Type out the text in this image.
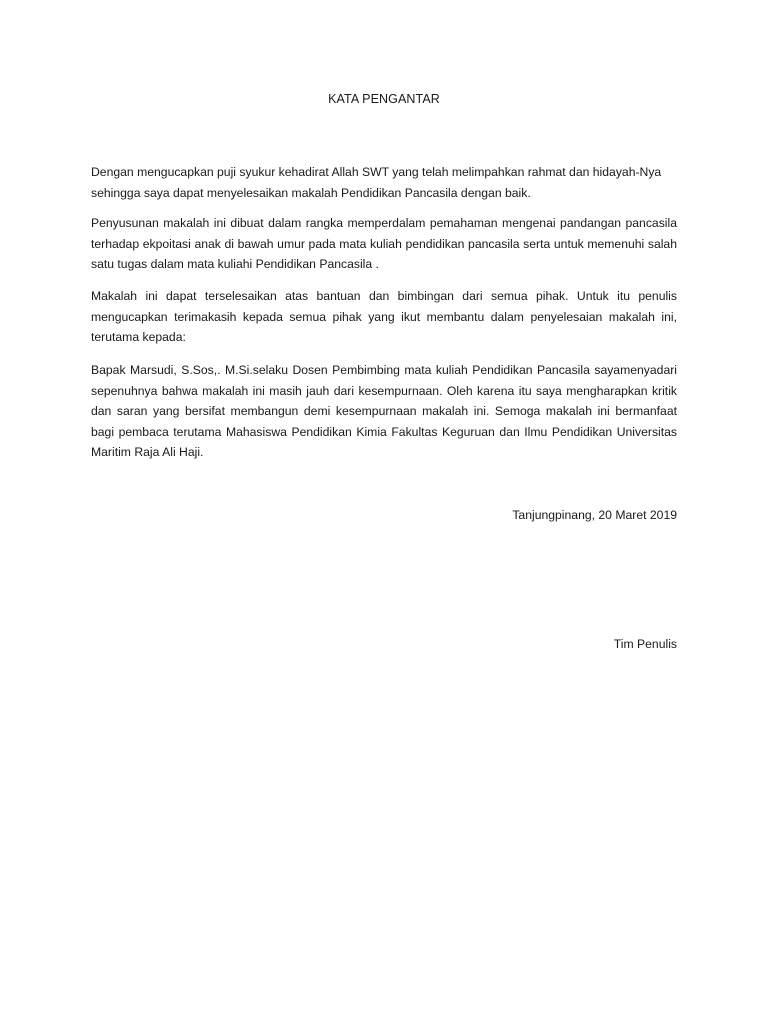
KATA PENGANTAR
Dengan mengucapkan puji syukur kehadirat Allah SWT yang telah melimpahkan rahmat dan hidayah-Nya sehingga saya dapat menyelesaikan makalah Pendidikan Pancasila dengan baik.
Penyusunan makalah ini dibuat dalam rangka memperdalam pemahaman mengenai pandangan pancasila terhadap ekpoitasi anak di bawah umur pada mata kuliah pendidikan pancasila serta untuk memenuhi salah satu tugas dalam mata kuliahi Pendidikan Pancasila .
Makalah ini dapat terselesaikan atas bantuan dan bimbingan dari semua pihak. Untuk itu penulis mengucapkan terimakasih kepada semua pihak yang ikut membantu dalam penyelesaian makalah ini, terutama kepada:
Bapak Marsudi, S.Sos,. M.Si.selaku Dosen Pembimbing mata kuliah Pendidikan Pancasila sayamenyadari sepenuhnya bahwa makalah ini masih jauh dari kesempurnaan. Oleh karena itu saya mengharapkan kritik dan saran yang bersifat membangun demi kesempurnaan makalah ini. Semoga makalah ini bermanfaat bagi pembaca terutama Mahasiswa Pendidikan Kimia Fakultas Keguruan dan Ilmu Pendidikan Universitas Maritim Raja Ali Haji.
Tanjungpinang, 20 Maret 2019
Tim Penulis
